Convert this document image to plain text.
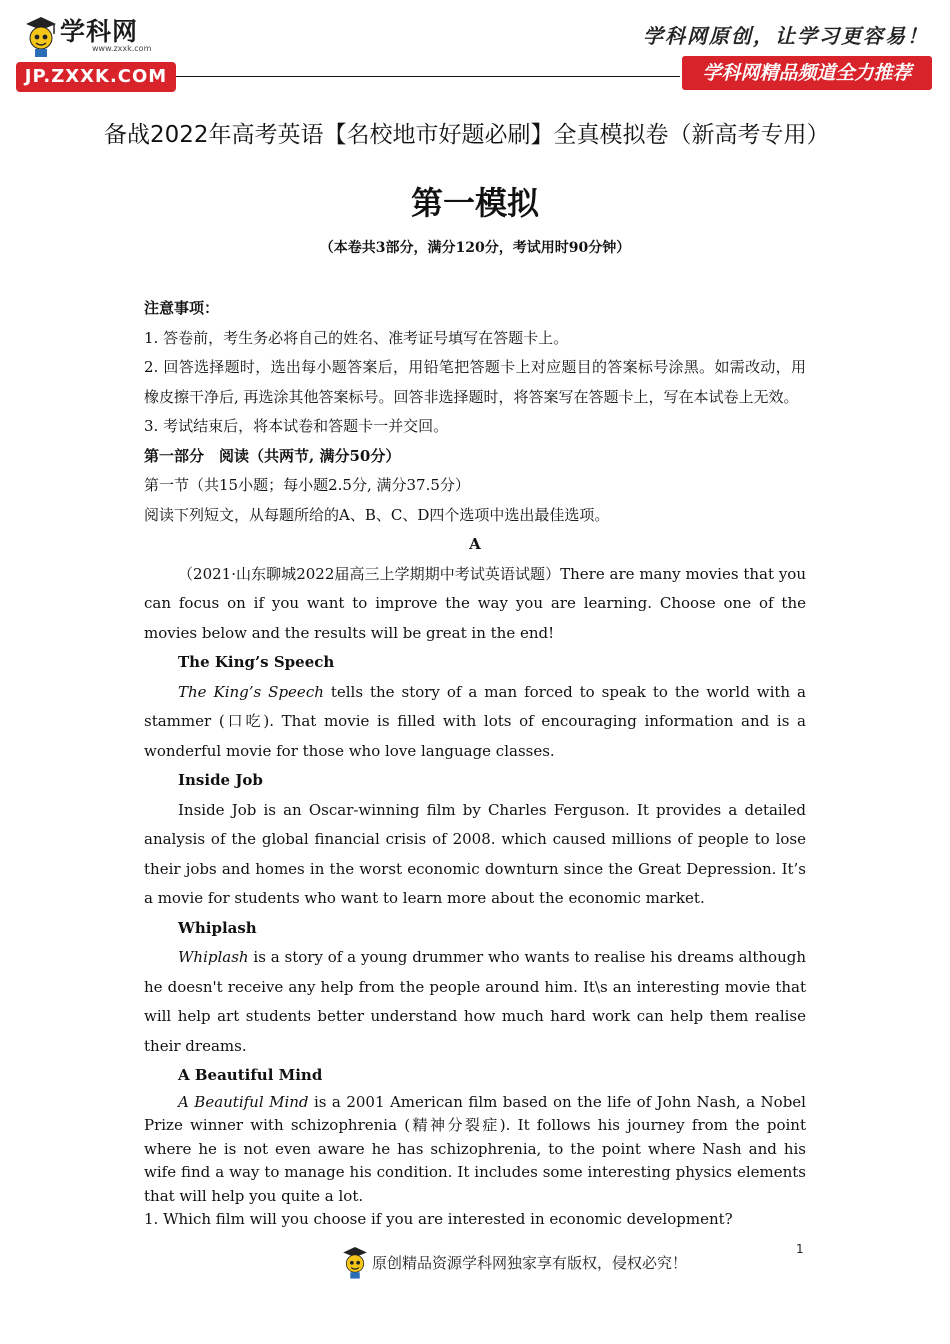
学科网
www.zxxk.com
JP.ZXXK.COM
学科网原创，让学习更容易！
学科网精品频道全力推荐
备战2022年高考英语【名校地市好题必刷】全真模拟卷（新高考专用）
第一模拟
（本卷共3部分，满分120分，考试用时90分钟）

注意事项：

1. 答卷前，考生务必将自己的姓名、准考证号填写在答题卡上。

2. 回答选择题时，选出每小题答案后，用铅笔把答题卡上对应题目的答案标号涂黑。如需改动，用橡皮擦干净后, 再选涂其他答案标号。回答非选择题时，将答案写在答题卡上，写在本试卷上无效。

3. 考试结束后，将本试卷和答题卡一并交回。

第一部分　阅读（共两节, 满分50分）

第一节（共15小题；每小题2.5分, 满分37.5分）

阅读下列短文，从每题所给的A、B、C、D四个选项中选出最佳选项。

A

（2021·山东聊城2022届高三上学期期中考试英语试题）There are many movies that you can focus on if you want to improve the way you are learning. Choose one of the movies below and the results will be great in the end!

The King’s Speech

The King’s Speech tells the story of a man forced to speak to the world with a stammer (口吃). That movie is filled with lots of encouraging information and is a wonderful movie for those who love language classes.

Inside Job

Inside Job is an Oscar-winning film by Charles Ferguson. It provides a detailed analysis of the global financial crisis of 2008. which caused millions of people to lose their jobs and homes in the worst economic downturn since the Great Depression. It’s a movie for students who want to learn more about the economic market.

Whiplash

Whiplash is a story of a young drummer who wants to realise his dreams although he doesn't receive any help from the people around him. It\s an interesting movie that will help art students better understand how much hard work can help them realise their dreams.

A Beautiful Mind

A Beautiful Mind is a 2001 American film based on the life of John Nash, a Nobel Prize winner with schizophrenia (精神分裂症). It follows his journey from the point where he is not even aware he has schizophrenia, to the point where Nash and his wife find a way to manage his condition. It includes some interesting physics elements that will help you quite a lot.

1. Which film will you choose if you are interested in economic development?

1
原创精品资源学科网独家享有版权，侵权必究！
